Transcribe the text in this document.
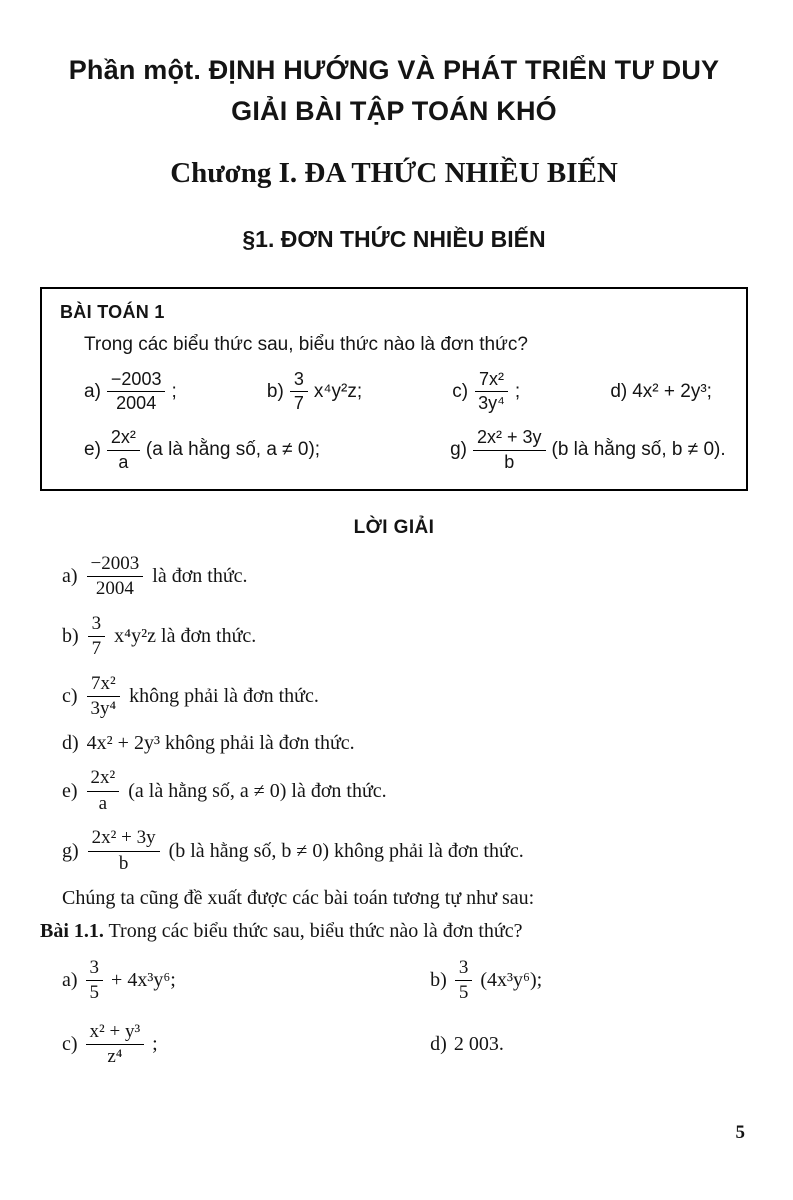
Phần một. ĐỊNH HƯỚNG VÀ PHÁT TRIỂN TƯ DUY
GIẢI BÀI TẬP TOÁN KHÓ
Chương I. ĐA THỨC NHIỀU BIẾN
§1. ĐƠN THỨC NHIỀU BIẾN
BÀI TOÁN 1
Trong các biểu thức sau, biểu thức nào là đơn thức?
$a) \frac{-2003}{2004}$ ;	$b) \frac{3}{7} x^4y^2z$;	$c) \frac{\text{7x²}}{\text{3y⁴}}$ ;	d) 4x² + 2y³;
$e) \frac{\text{2x²}}{a} (a$ là hằng số, a ≠ 0);	$g) \frac{\text{2x² + 3y}}{b} (b$ là hằng số, b ≠ 0).
LỜI GIẢI
$a) \frac{-2003}{2004}$ là đơn thức.
$b) \frac{3}{7} x^4y^2z$ là đơn thức.
$c) \frac{\text{7x²}}{\text{3y⁴}}$ không phải là đơn thức.
d) 4x² + 2y³ không phải là đơn thức.
$e) \frac{\text{2x²}}{a} (a$ là hằng số, a ≠ 0) là đơn thức.
$g) \frac{\text{2x² + 3y}}{b} (b$ là hằng số, b ≠ 0) không phải là đơn thức.

Chúng ta cũng đề xuất được các bài toán tương tự như sau:

Bài 1.1. Trong các biểu thức sau, biểu thức nào là đơn thức?

$a) \frac{3}{5} + 4x^3y^6$;	$b) \frac{3}{5} (4x^3y^6)$;
$c) \frac{\text{x² + y³}}{\text{z⁴}}$ ;	d) 2 003.
5
